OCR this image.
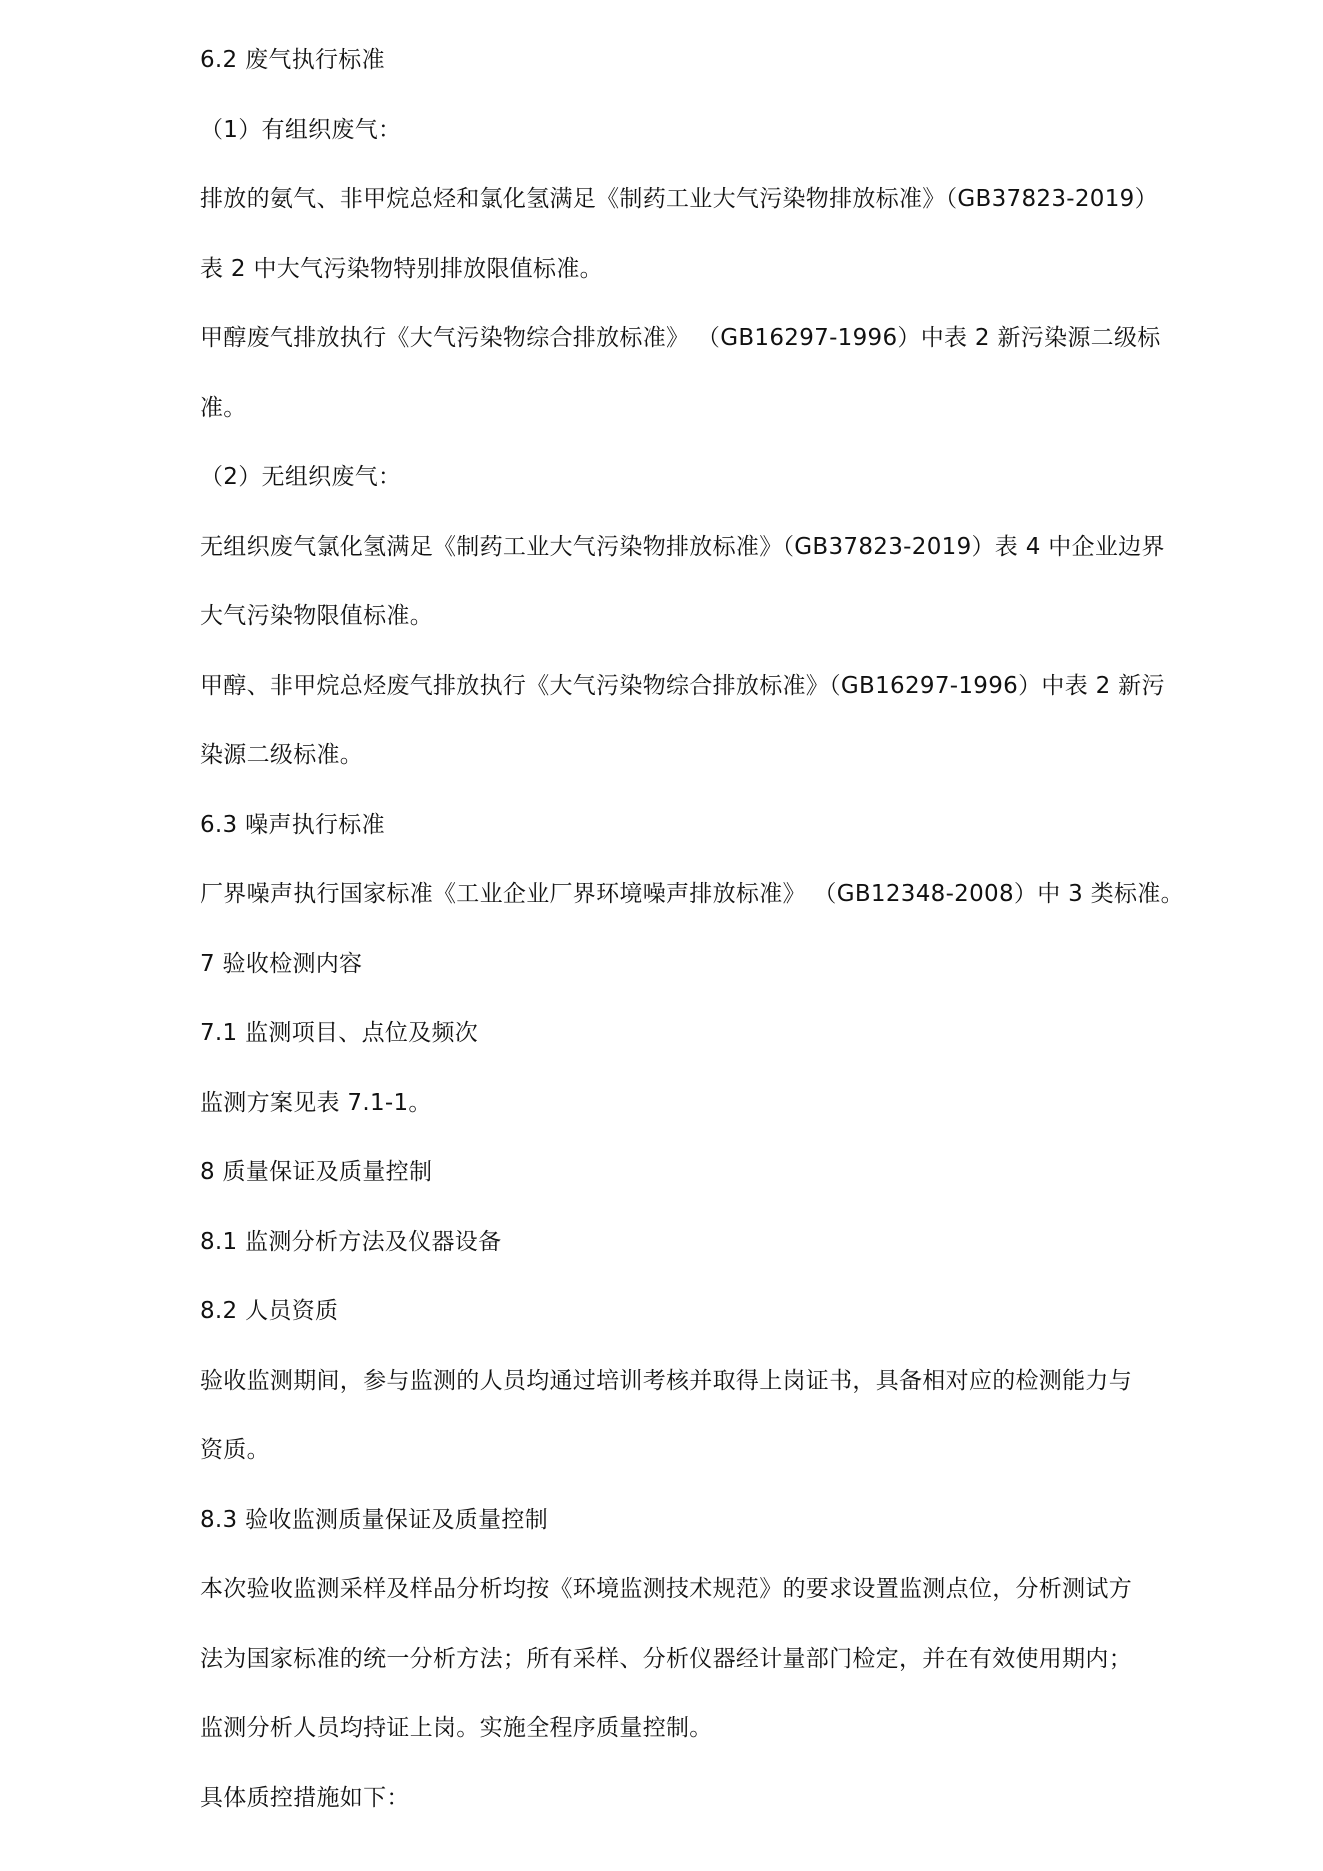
6.2 废气执行标准
（1）有组织废气：
排放的氨气、非甲烷总烃和氯化氢满足《制药工业大气污染物排放标准》（GB37823-2019）
表 2 中大气污染物特别排放限值标准。
甲醇废气排放执行《大气污染物综合排放标准》 （GB16297-1996）中表 2 新污染源二级标
准。
（2）无组织废气：
无组织废气氯化氢满足《制药工业大气污染物排放标准》（GB37823-2019）表 4 中企业边界
大气污染物限值标准。
甲醇、非甲烷总烃废气排放执行《大气污染物综合排放标准》（GB16297-1996）中表 2 新污
染源二级标准。
6.3 噪声执行标准
厂界噪声执行国家标准《工业企业厂界环境噪声排放标准》 （GB12348-2008）中 3 类标准。
7 验收检测内容
7.1 监测项目、点位及频次
监测方案见表 7.1-1。
8 质量保证及质量控制
8.1 监测分析方法及仪器设备
8.2 人员资质
验收监测期间，参与监测的人员均通过培训考核并取得上岗证书，具备相对应的检测能力与
资质。
8.3 验收监测质量保证及质量控制
本次验收监测采样及样品分析均按《环境监测技术规范》的要求设置监测点位，分析测试方
法为国家标准的统一分析方法；所有采样、分析仪器经计量部门检定，并在有效使用期内；
监测分析人员均持证上岗。实施全程序质量控制。
具体质控措施如下：
